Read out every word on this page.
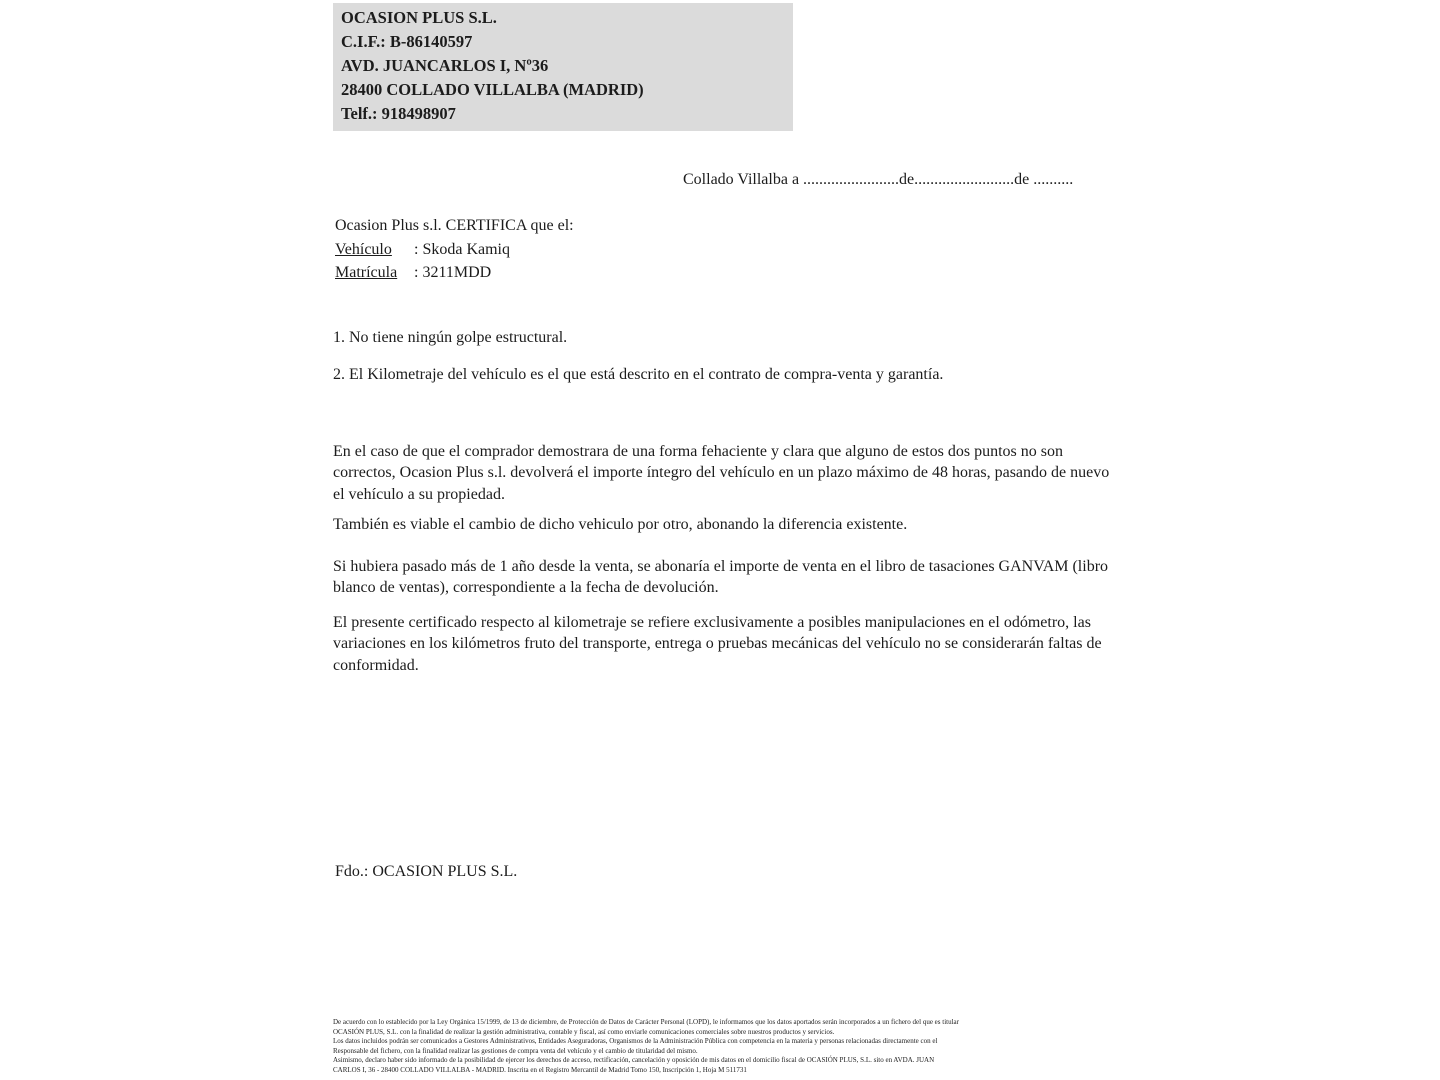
OCASION PLUS S.L.
C.I.F.: B-86140597
AVD. JUANCARLOS I, Nº36
28400 COLLADO VILLALBA (MADRID)
Telf.: 918498907
Collado Villalba a ........................de.........................de ..........
Ocasion Plus s.l. CERTIFICA que el:
Vehículo : Skoda Kamiq
Matrícula : 3211MDD
1. No tiene ningún golpe estructural.
2. El Kilometraje del vehículo es el que está descrito en el contrato de compra-venta y garantía.
En el caso de que el comprador demostrara de una forma fehaciente y clara que alguno de estos dos puntos no son correctos, Ocasion Plus s.l. devolverá el importe íntegro del vehículo en un plazo máximo de 48 horas, pasando de nuevo el vehículo a su propiedad.
También es viable el cambio de dicho vehiculo por otro, abonando la diferencia existente.
Si hubiera pasado más de 1 año desde la venta, se abonaría el importe de venta en el libro de tasaciones GANVAM (libro blanco de ventas), correspondiente a la fecha de devolución.
El presente certificado respecto al kilometraje se refiere exclusivamente a posibles manipulaciones en el odómetro, las variaciones en los kilómetros fruto del transporte, entrega o pruebas mecánicas del vehículo no se considerarán faltas de conformidad.
Fdo.: OCASION PLUS S.L.
De acuerdo con lo establecido por la Ley Orgánica 15/1999, de 13 de diciembre, de Protección de Datos de Carácter Personal (LOPD), le informamos que los datos aportados serán incorporados a un fichero del que es titular
OCASIÓN PLUS, S.L. con la finalidad de realizar la gestión administrativa, contable y fiscal, así como enviarle comunicaciones comerciales sobre nuestros productos y servicios.
Los datos incluidos podrán ser comunicados a Gestores Administrativos, Entidades Aseguradoras, Organismos de la Administración Pública con competencia en la materia y personas relacionadas directamente con el
Responsable del fichero, con la finalidad realizar las gestiones de compra venta del vehículo y el cambio de titularidad del mismo.
Asimismo, declaro haber sido informado de la posibilidad de ejercer los derechos de acceso, rectificación, cancelación y oposición de mis datos en el domicilio fiscal de OCASIÓN PLUS, S.L. sito en AVDA. JUAN
CARLOS I, 36 - 28400 COLLADO VILLALBA - MADRID. Inscrita en el Registro Mercantil de Madrid Tomo 150, Inscripción 1, Hoja M 511731
